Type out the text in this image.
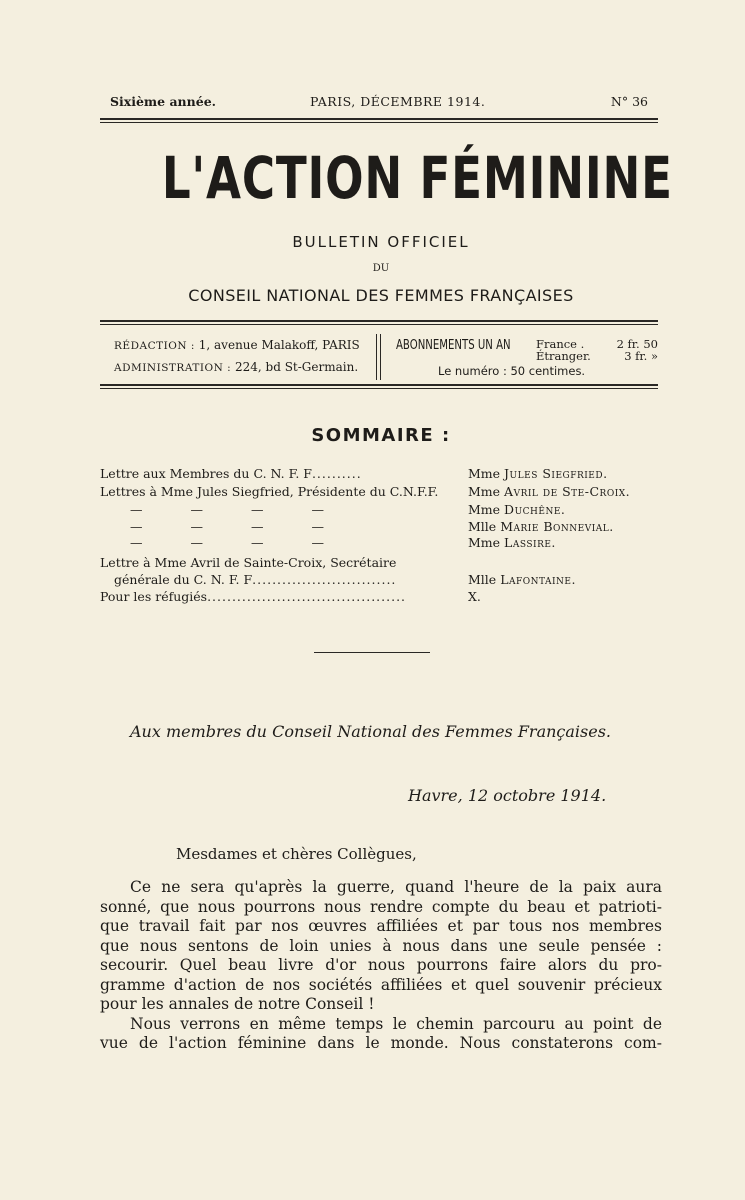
Sixième année.	PARIS, DÉCEMBRE 1914.	N° 36
L'ACTION FÉMININE
BULLETIN OFFICIEL
DU
CONSEIL NATIONAL DES FEMMES FRANÇAISES
RÉDACTION : 1, avenue Malakoff, PARIS
ADMINISTRATION : 224, bd St-Germain.
ABONNEMENTS UN AN France .	2 fr. 50
Étranger.	3 fr. »
Le numéro : 50 centimes.
SOMMAIRE :
Lettre aux Membres du C. N. F. F..........	Mme Jules Siegfried.
Lettres à Mme Jules Siegfried, Présidente du C.N.F.F. Mme Avril de Ste-Croix.
—	—	—	—	Mme Duchêne.
—	—	—	—	Mlle Marie Bonnevial.
—	—	—	—	Mme Lassire.
Lettre à Mme Avril de Sainte-Croix, Secrétaire
générale du C. N. F. F.............................	Mlle Lafontaine.
Pour les réfugiés........................................	X.
Aux membres du Conseil National des Femmes Françaises.
Havre, 12 octobre 1914.
Mesdames et chères Collègues,

Ce ne sera qu'après la guerre, quand l'heure de la paix aura
sonné, que nous pourrons nous rendre compte du beau et patrioti-
que travail fait par nos œuvres affiliées et par tous nos membres
que nous sentons de loin unies à nous dans une seule pensée :
secourir. Quel beau livre d'or nous pourrons faire alors du pro-
gramme d'action de nos sociétés affiliées et quel souvenir précieux
pour les annales de notre Conseil !

Nous verrons en même temps le chemin parcouru au point de
vue de l'action féminine dans le monde. Nous constaterons com-
